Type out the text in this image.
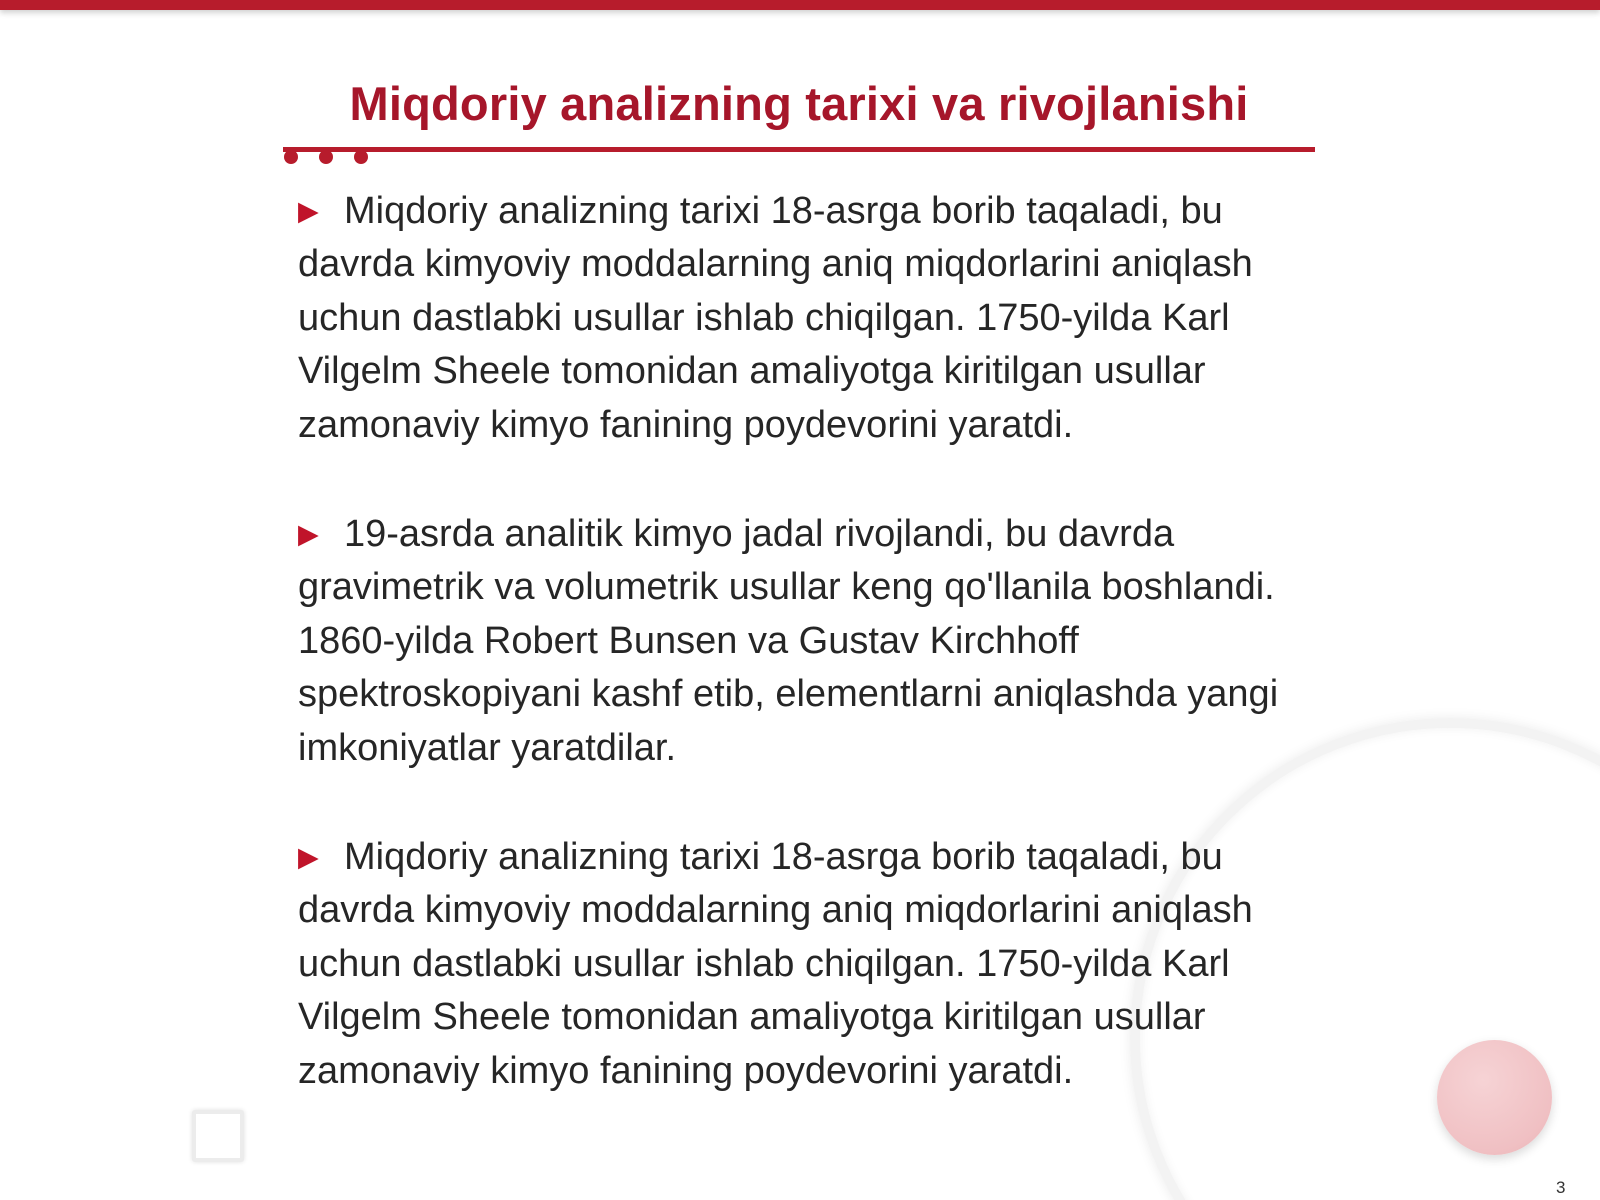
Miqdoriy analizning tarixi va rivojlanishi

▶ Miqdoriy analizning tarixi 18-asrga borib taqaladi, bu davrda kimyoviy moddalarning aniq miqdorlarini aniqlash uchun dastlabki usullar ishlab chiqilgan. 1750-yilda Karl Vilgelm Sheele tomonidan amaliyotga kiritilgan usullar zamonaviy kimyo fanining poydevorini yaratdi.

▶ 19-asrda analitik kimyo jadal rivojlandi, bu davrda gravimetrik va volumetrik usullar keng qo'llanila boshlandi. 1860-yilda Robert Bunsen va Gustav Kirchhoff spektroskopiyani kashf etib, elementlarni aniqlashda yangi imkoniyatlar yaratdilar.

▶ Miqdoriy analizning tarixi 18-asrga borib taqaladi, bu davrda kimyoviy moddalarning aniq miqdorlarini aniqlash uchun dastlabki usullar ishlab chiqilgan. 1750-yilda Karl Vilgelm Sheele tomonidan amaliyotga kiritilgan usullar zamonaviy kimyo fanining poydevorini yaratdi.

3
